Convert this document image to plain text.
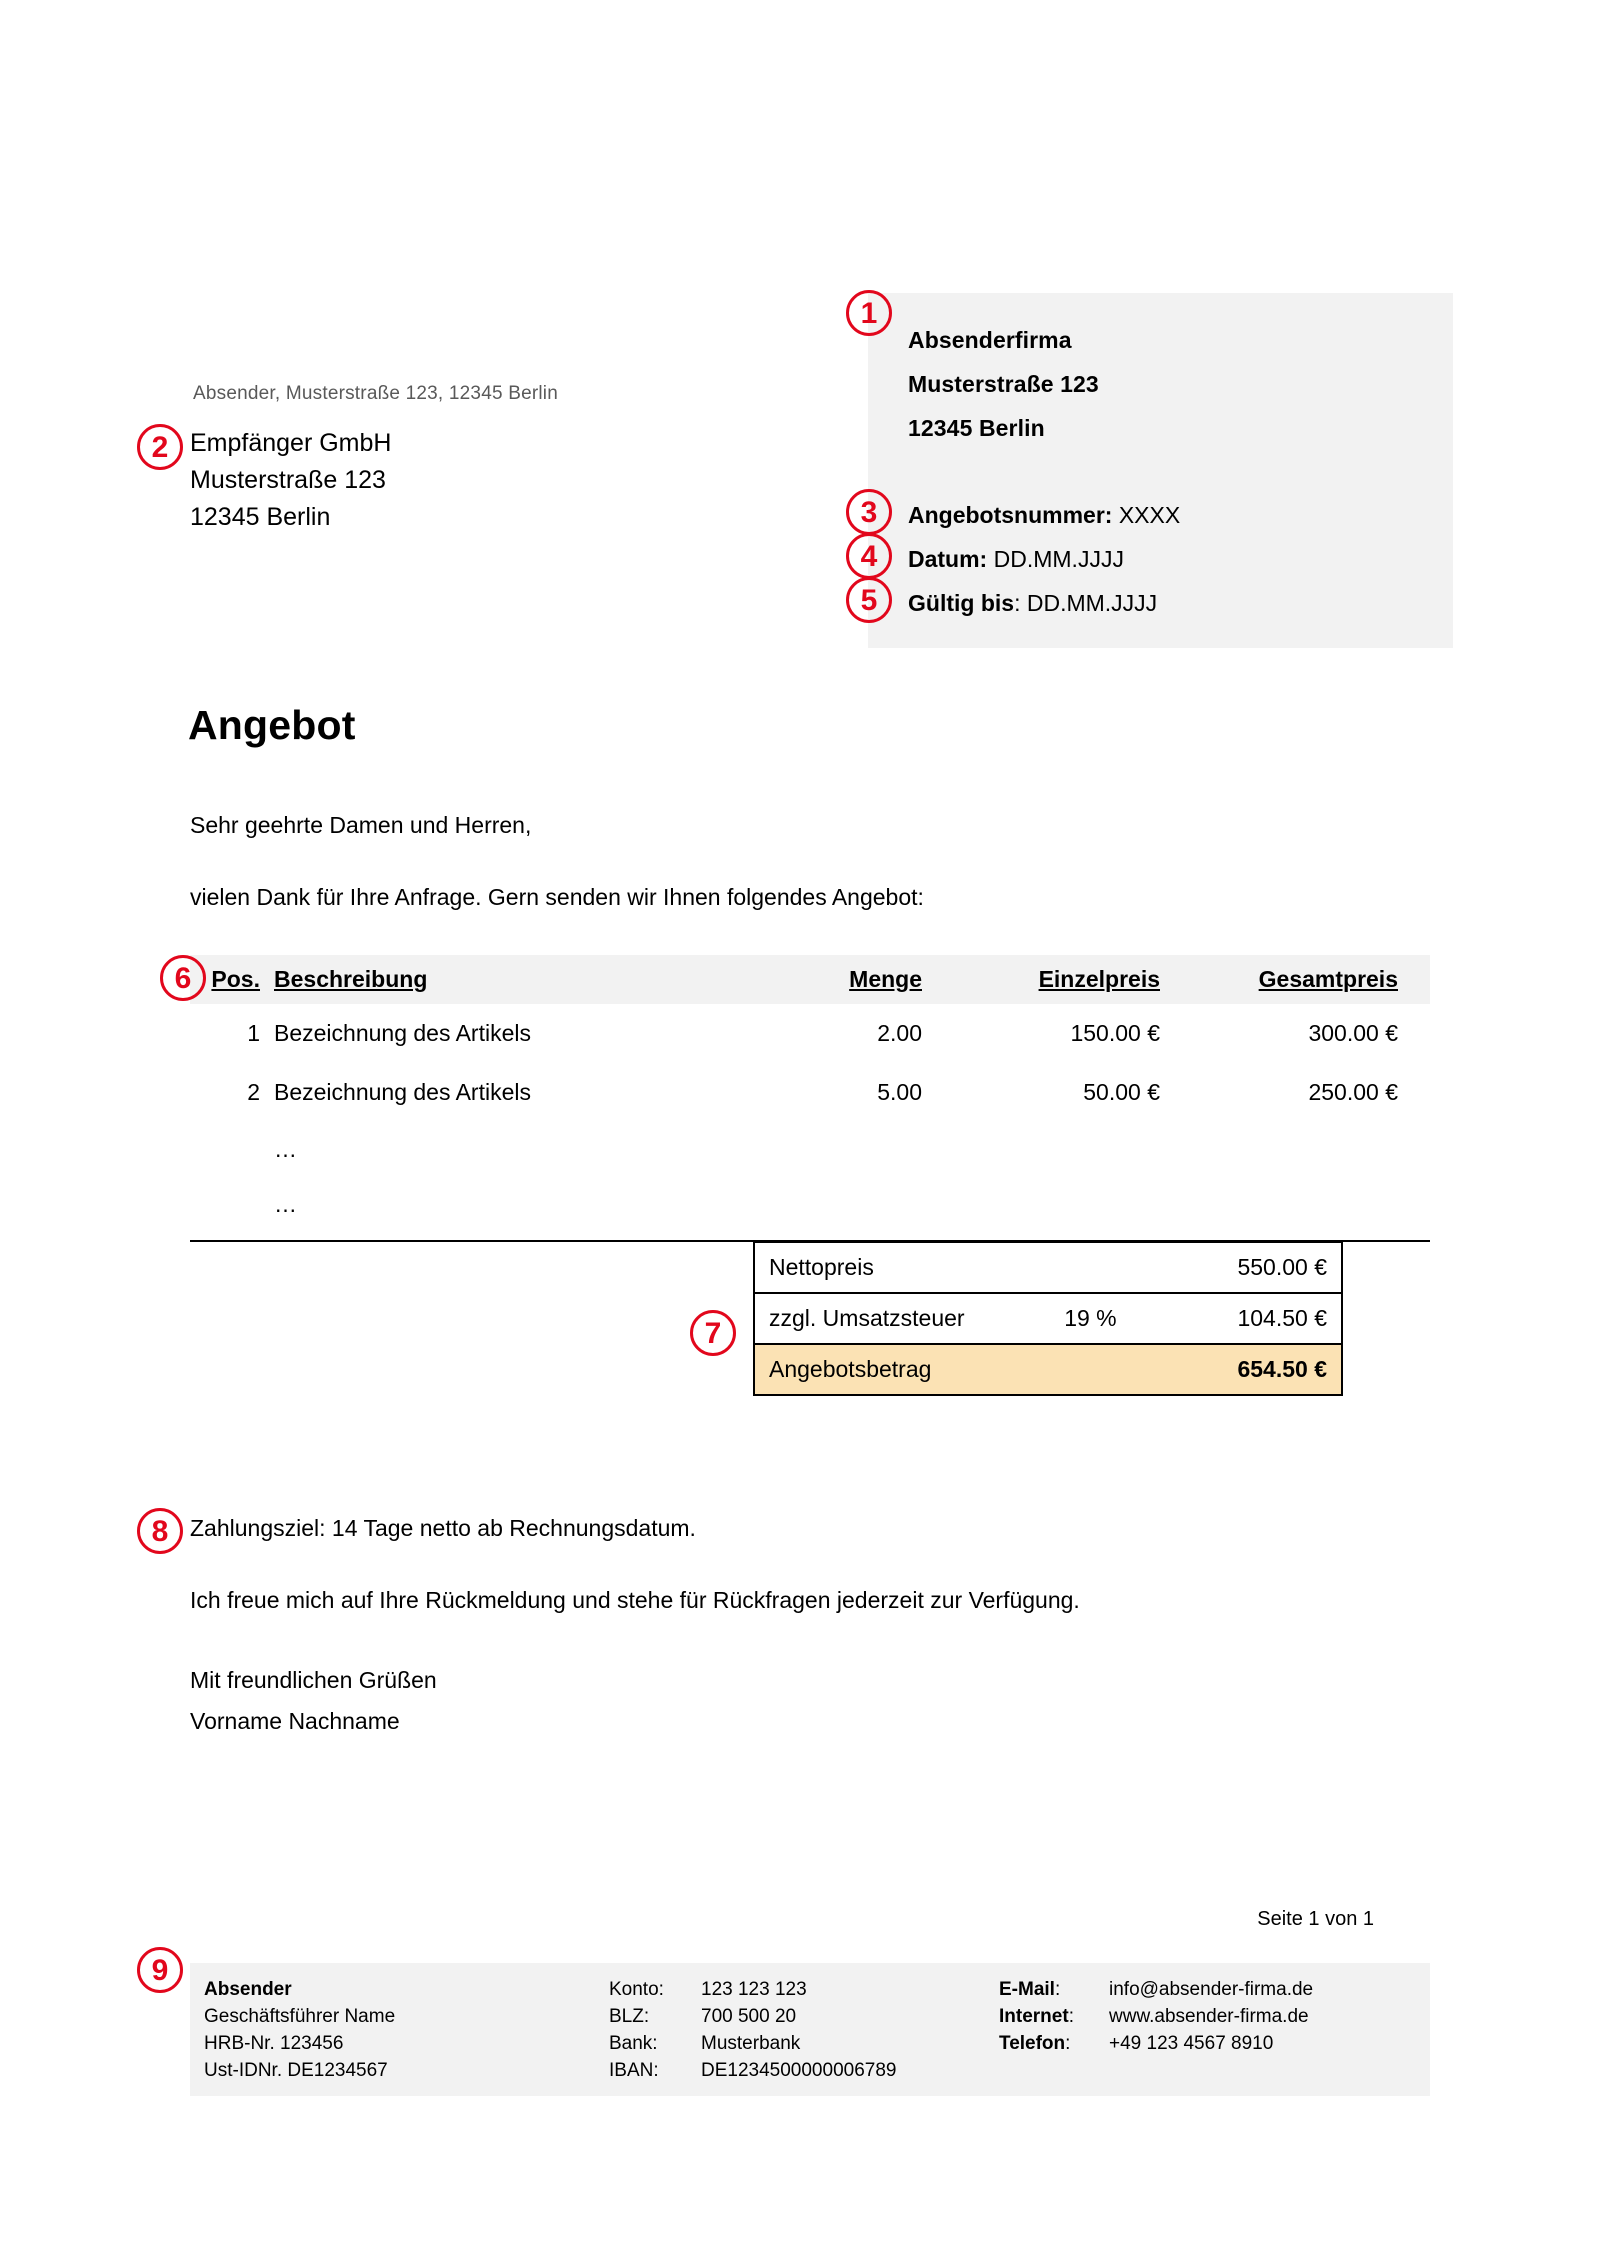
1
Absenderfirma
Musterstraße 123
12345 Berlin
3
4
5
Angebotsnummer: XXXX
Datum: DD.MM.JJJJ
Gültig bis: DD.MM.JJJJ
Absender, Musterstraße 123, 12345 Berlin
2 Empfänger GmbH
Musterstraße 123
12345 Berlin
Angebot
Sehr geehrte Damen und Herren,
vielen Dank für Ihre Anfrage. Gern senden wir Ihnen folgendes Angebot:
6 Pos.	Beschreibung	Menge	Einzelpreis	Gesamtpreis
1	Bezeichnung des Artikels	2.00	150.00 €	300.00 €
2	Bezeichnung des Artikels	5.00	50.00 €	250.00 €
	…			
	…			
7
Nettopreis		550.00 €
zzgl. Umsatzsteuer	19 %	104.50 €
Angebotsbetrag		654.50 €
8 Zahlungsziel: 14 Tage netto ab Rechnungsdatum.
Ich freue mich auf Ihre Rückmeldung und stehe für Rückfragen jederzeit zur Verfügung.
Mit freundlichen Grüßen
Vorname Nachname
Seite 1 von 1
9
Absender
Geschäftsführer Name
HRB-Nr. 123456
Ust-IDNr. DE1234567
Konto:	123 123 123
BLZ:	700 500 20
Bank:	Musterbank
IBAN:	DE1234500000006789
E-Mail:	info@absender-firma.de
Internet:	www.absender-firma.de
Telefon:	+49 123 4567 8910
